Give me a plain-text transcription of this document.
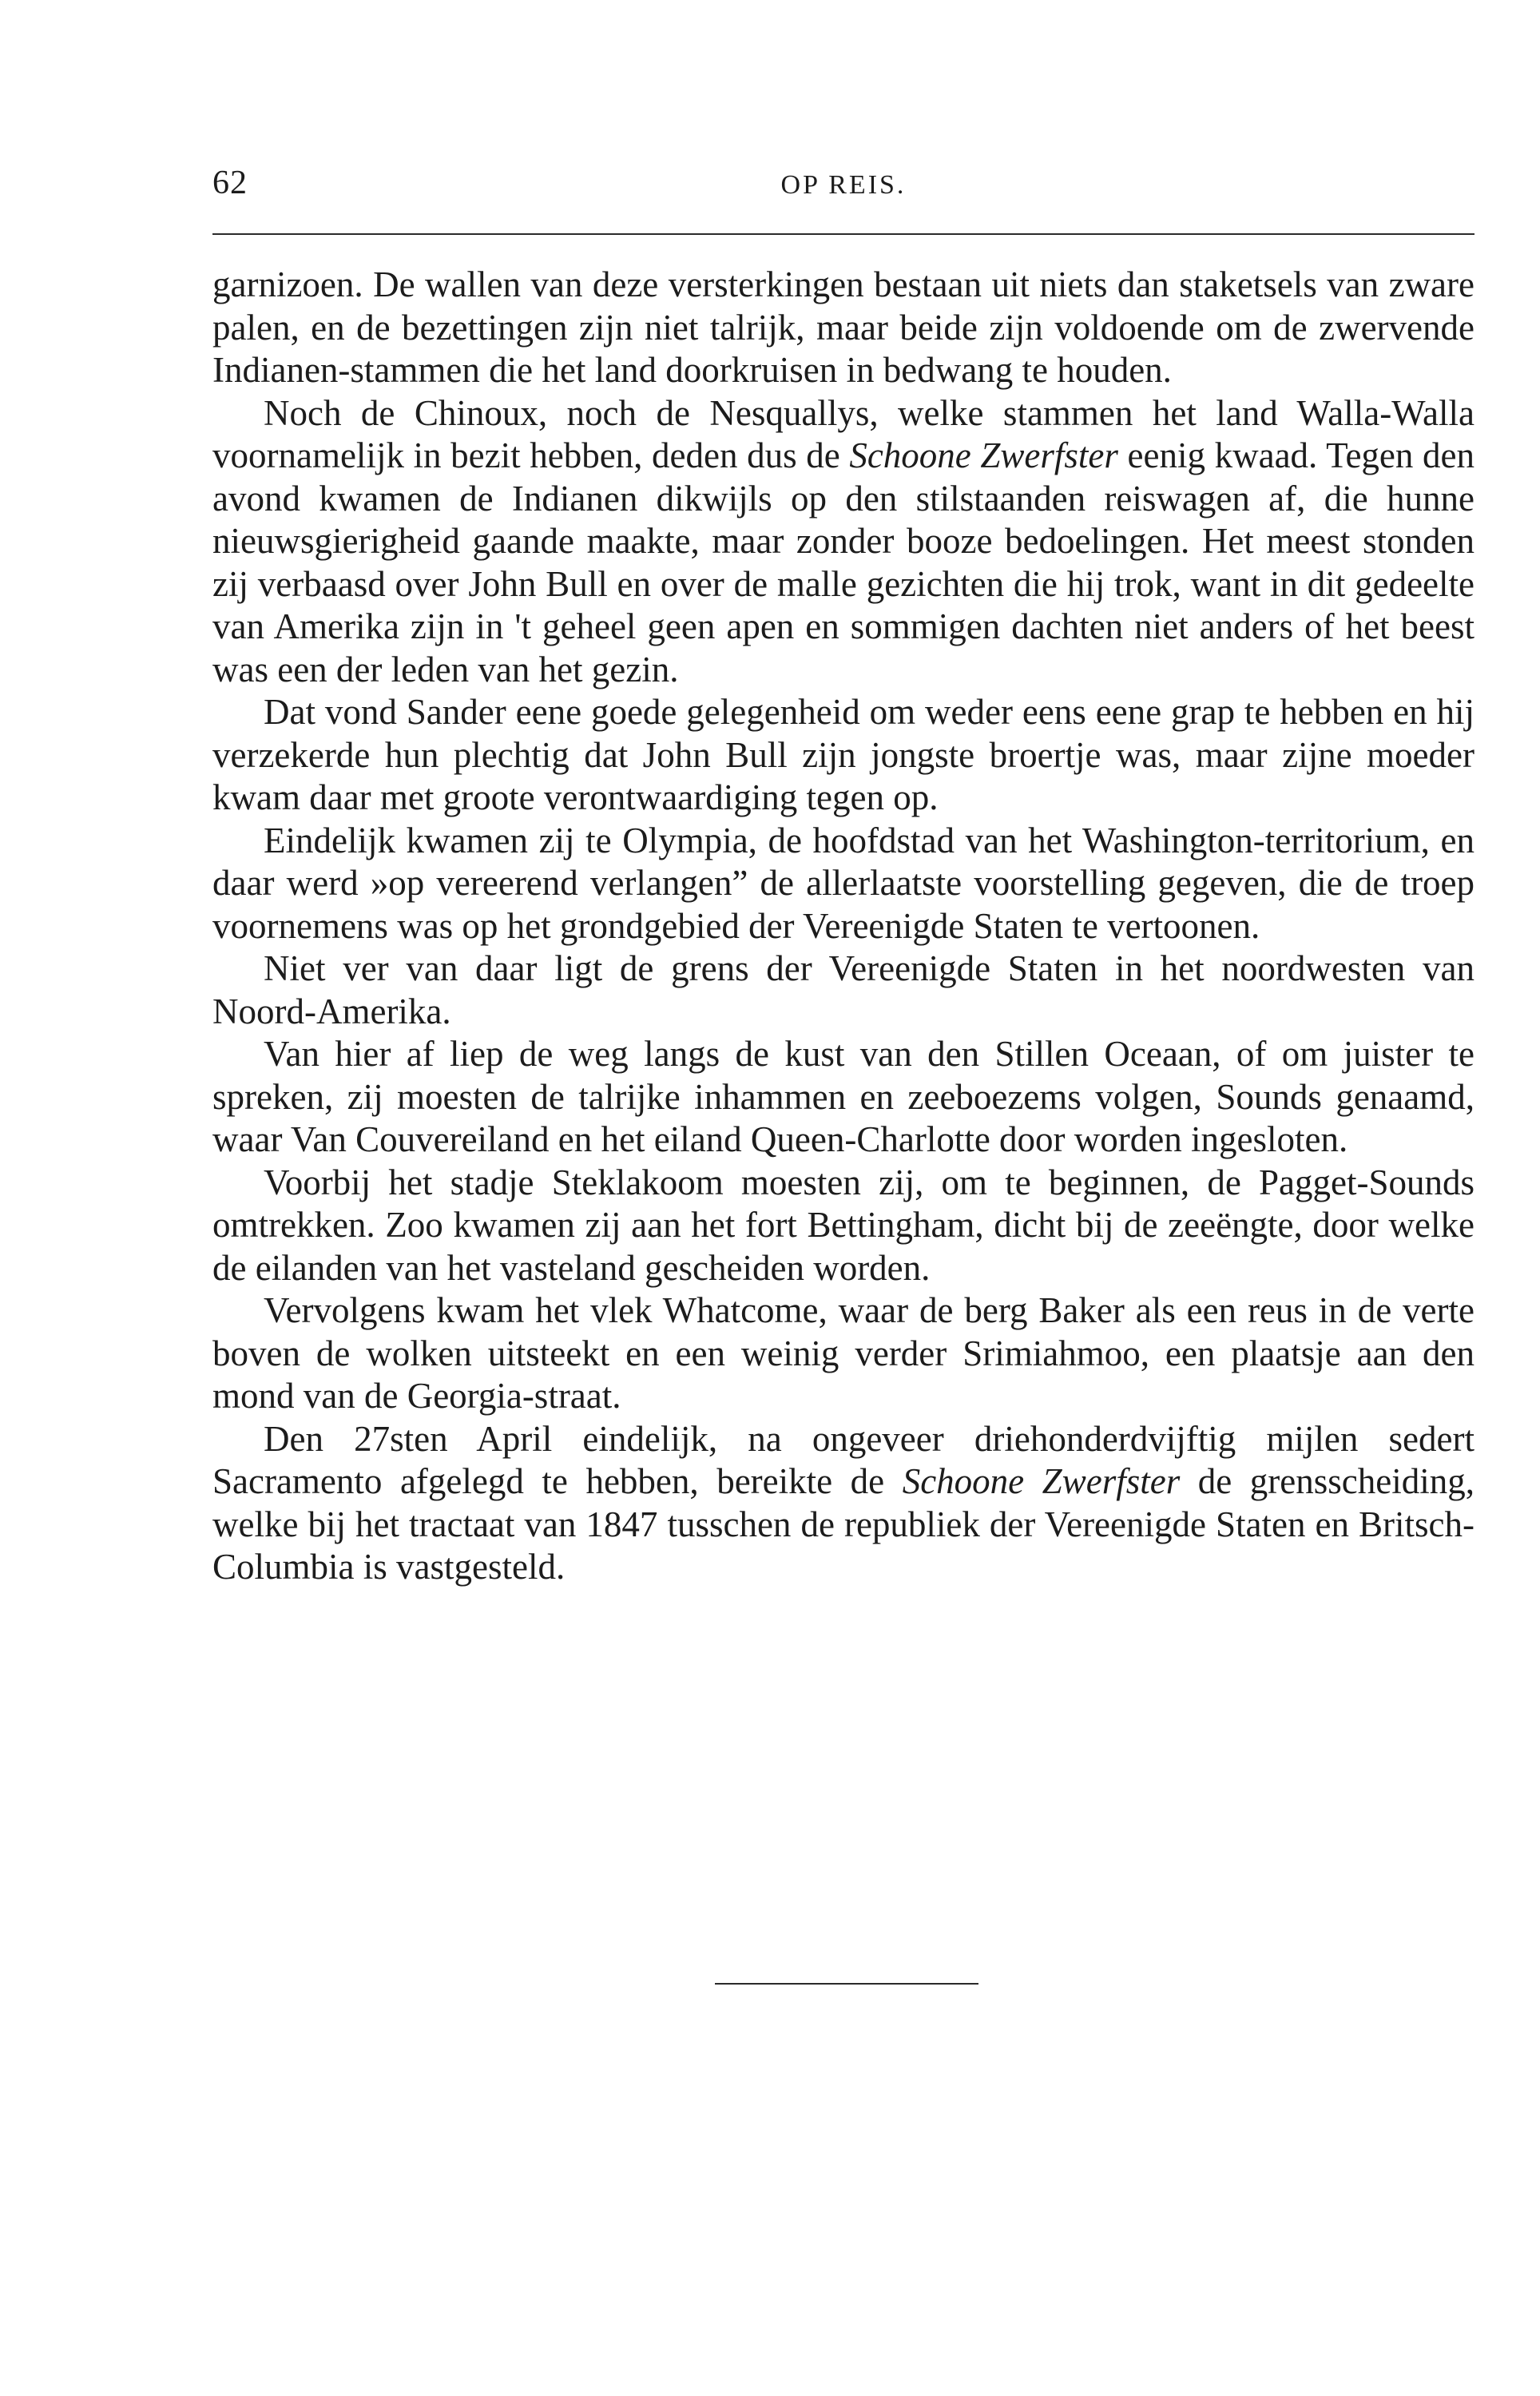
62	OP REIS.

garnizoen. De wallen van deze versterkingen bestaan uit niets dan staketsels van zware palen, en de bezettingen zijn niet talrijk, maar beide zijn voldoende om de zwervende Indianen-stammen die het land doorkruisen in bedwang te houden.

Noch de Chinoux, noch de Nesquallys, welke stammen het land Walla-Walla voornamelijk in bezit hebben, deden dus de Schoone Zwerfster eenig kwaad. Tegen den avond kwamen de Indianen dikwijls op den stilstaanden reiswagen af, die hunne nieuwsgierigheid gaande maakte, maar zonder booze bedoelingen. Het meest stonden zij verbaasd over John Bull en over de malle gezichten die hij trok, want in dit gedeelte van Amerika zijn in 't geheel geen apen en sommigen dachten niet anders of het beest was een der leden van het gezin.

Dat vond Sander eene goede gelegenheid om weder eens eene grap te hebben en hij verzekerde hun plechtig dat John Bull zijn jongste broertje was, maar zijne moeder kwam daar met groote verontwaardiging tegen op.

Eindelijk kwamen zij te Olympia, de hoofdstad van het Washington-territorium, en daar werd »op vereerend verlangen” de allerlaatste voorstelling gegeven, die de troep voornemens was op het grondgebied der Vereenigde Staten te vertoonen.

Niet ver van daar ligt de grens der Vereenigde Staten in het noordwesten van Noord-Amerika.

Van hier af liep de weg langs de kust van den Stillen Oceaan, of om juister te spreken, zij moesten de talrijke inhammen en zeeboezems volgen, Sounds genaamd, waar Van Couvereiland en het eiland Queen-Charlotte door worden ingesloten.

Voorbij het stadje Steklakoom moesten zij, om te beginnen, de Pagget-Sounds omtrekken. Zoo kwamen zij aan het fort Bettingham, dicht bij de zeeëngte, door welke de eilanden van het vasteland gescheiden worden.

Vervolgens kwam het vlek Whatcome, waar de berg Baker als een reus in de verte boven de wolken uitsteekt en een weinig verder Srimiahmoo, een plaatsje aan den mond van de Georgia-straat.

Den 27sten April eindelijk, na ongeveer driehonderdvijftig mijlen sedert Sacramento afgelegd te hebben, bereikte de Schoone Zwerfster de grensscheiding, welke bij het tractaat van 1847 tusschen de republiek der Vereenigde Staten en Britsch-Columbia is vastgesteld.
